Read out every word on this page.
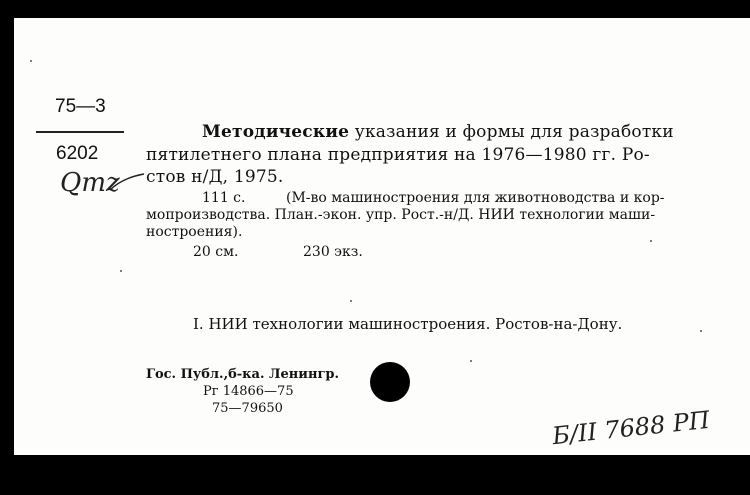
75—3
6202
Qmz
Методические указания и формы для разработки
пятилетнего плана предприятия на 1976—1980 гг. Ро-
стов н/Д, 1975.
111 с.	(М-во машиностроения для животноводства и кор-
мопроизводства. План.-экон. упр. Рост.-н/Д. НИИ технологии маши-
ностроения).
20 см.	230 экз.
I. НИИ технологии машиностроения. Ростов-на-Дону.
Гос. Публ.,б-ка. Ленингр.
Рг 14866—75
75—79650	Б/II 7688 РП
